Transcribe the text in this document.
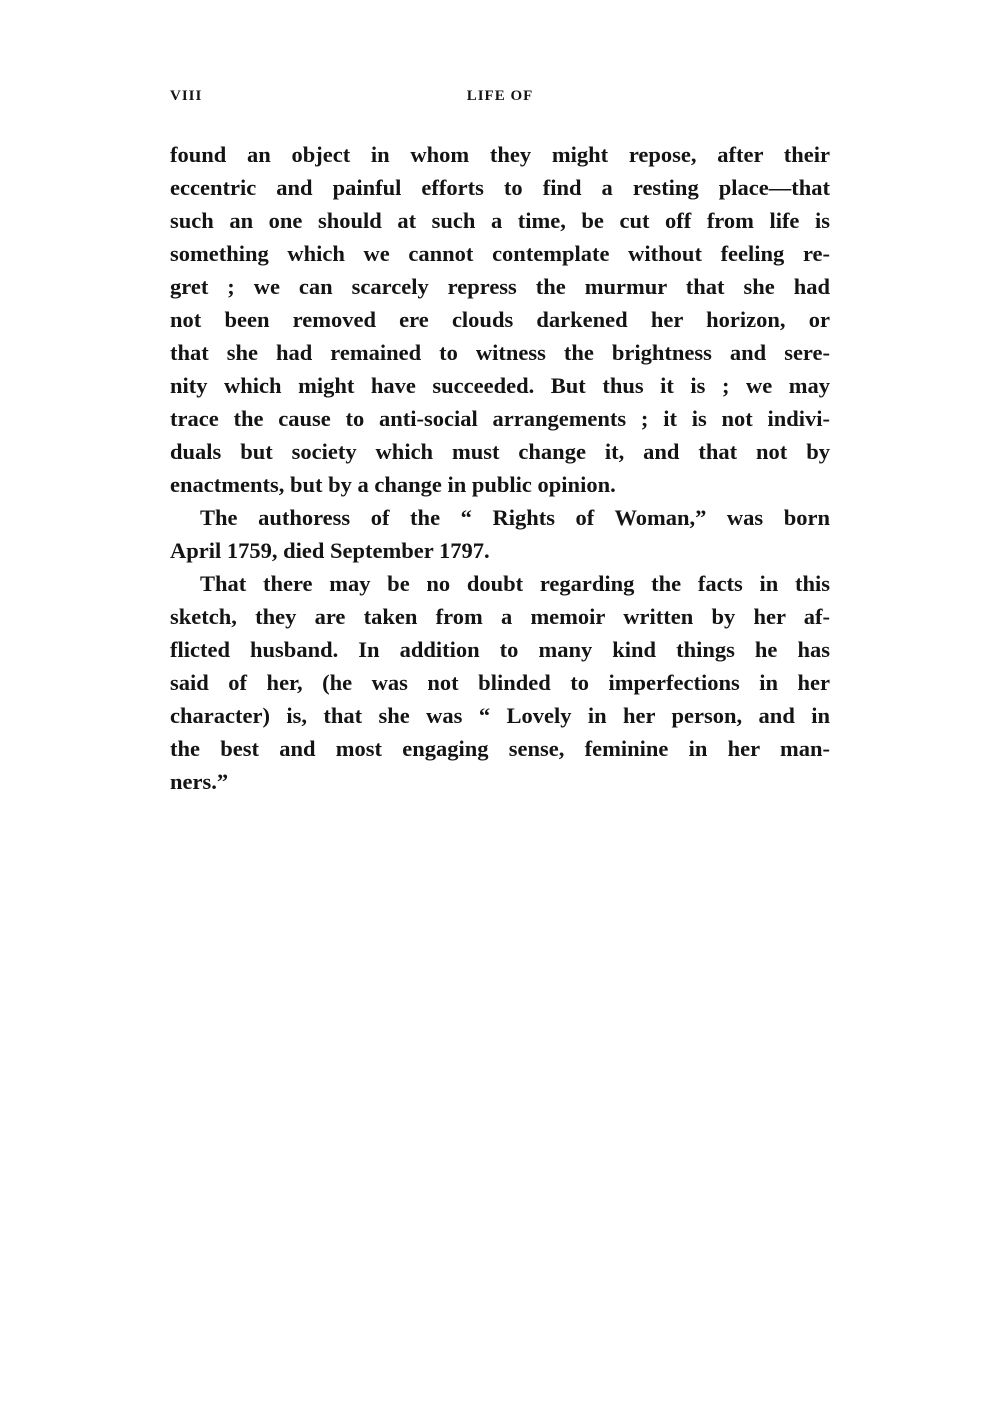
VIII	LIFE OF
found an object in whom they might repose, after their
eccentric and painful efforts to find a resting place—that
such an one should at such a time, be cut off from life is
something which we cannot contemplate without feeling re-
gret ; we can scarcely repress the murmur that she had
not been removed ere clouds darkened her horizon, or
that she had remained to witness the brightness and sere-
nity which might have succeeded. But thus it is ; we may
trace the cause to anti-social arrangements ; it is not indivi-
duals but society which must change it, and that not by
enactments, but by a change in public opinion.
The authoress of the “ Rights of Woman,” was born
April 1759, died September 1797.
That there may be no doubt regarding the facts in this
sketch, they are taken from a memoir written by her af-
flicted husband. In addition to many kind things he has
said of her, (he was not blinded to imperfections in her
character) is, that she was “ Lovely in her person, and in
the best and most engaging sense, feminine in her man-
ners.”
